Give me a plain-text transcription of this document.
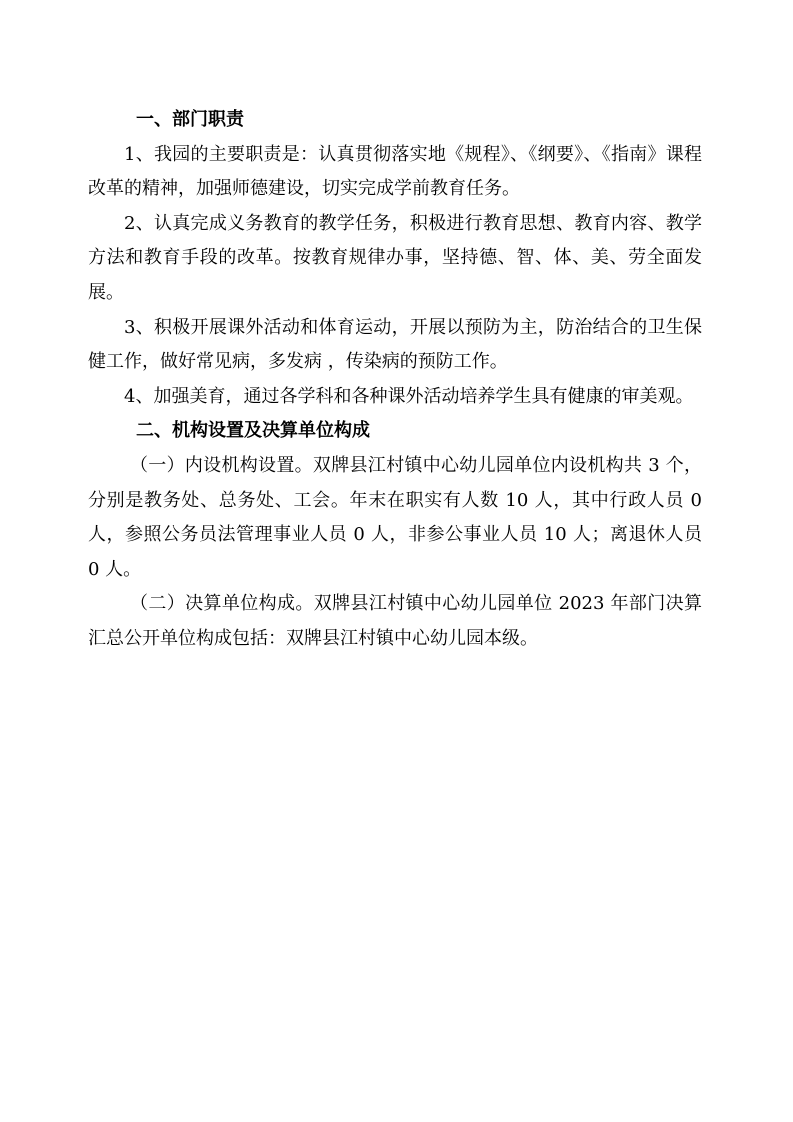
一、部门职责

1、我园的主要职责是：认真贯彻落实地《规程》、《纲要》、《指南》课程改革的精神，加强师德建设，切实完成学前教育任务。

2、认真完成义务教育的教学任务，积极进行教育思想、教育内容、教学方法和教育手段的改革。按教育规律办事，坚持德、智、体、美、劳全面发展。

3、积极开展课外活动和体育运动，开展以预防为主，防治结合的卫生保健工作，做好常见病，多发病 ，传染病的预防工作。

4、加强美育，通过各学科和各种课外活动培养学生具有健康的审美观。

二、机构设置及决算单位构成

（一）内设机构设置。双牌县江村镇中心幼儿园单位内设机构共 3 个，分别是教务处、总务处、工会。年末在职实有人数 10 人，其中行政人员 0 人，参照公务员法管理事业人员 0 人，非参公事业人员 10 人；离退休人员 0 人。

（二）决算单位构成。双牌县江村镇中心幼儿园单位 2023 年部门决算汇总公开单位构成包括：双牌县江村镇中心幼儿园本级。
